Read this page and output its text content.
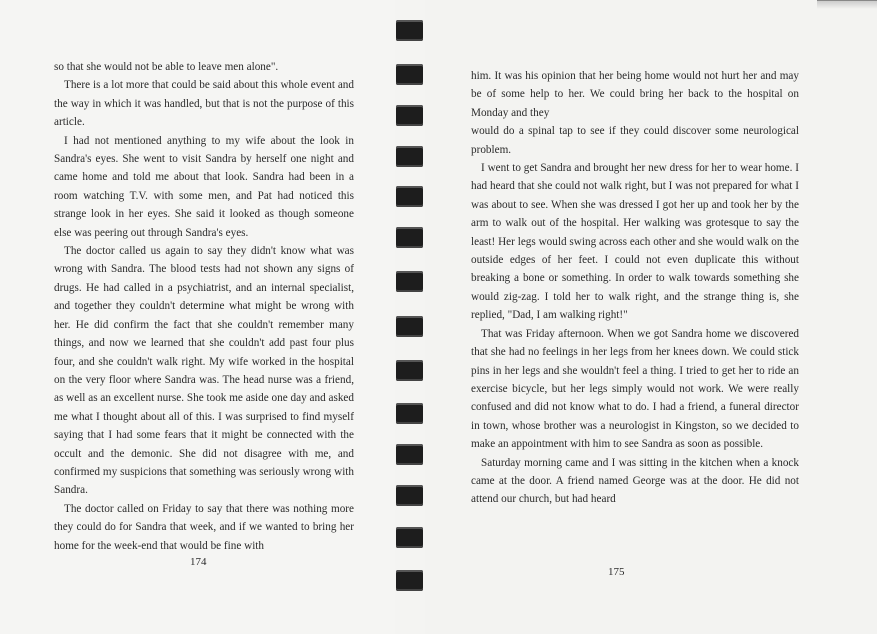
so that she would not be able to leave men alone".

There is a lot more that could be said about this whole event and the way in which it was handled, but that is not the purpose of this article.

I had not mentioned anything to my wife about the look in Sandra's eyes. She went to visit Sandra by herself one night and came home and told me about that look. Sandra had been in a room watching T.V. with some men, and Pat had noticed this strange look in her eyes. She said it looked as though someone else was peering out through Sandra's eyes.

The doctor called us again to say they didn't know what was wrong with Sandra. The blood tests had not shown any signs of drugs. He had called in a psychiatrist, and an internal specialist, and together they couldn't determine what might be wrong with her. He did confirm the fact that she couldn't remember many things, and now we learned that she couldn't add past four plus four, and she couldn't walk right. My wife worked in the hospital on the very floor where Sandra was. The head nurse was a friend, as well as an excellent nurse. She took me aside one day and asked me what I thought about all of this. I was surprised to find myself saying that I had some fears that it might be connected with the occult and the demonic. She did not disagree with me, and confirmed my suspicions that something was seriously wrong with Sandra.

The doctor called on Friday to say that there was nothing more they could do for Sandra that week, and if we wanted to bring her home for the week-end that would be fine with

174

him. It was his opinion that her being home would not hurt her and may be of some help to her. We could bring her back to the hospital on Monday and they

would do a spinal tap to see if they could discover some neurological problem.

I went to get Sandra and brought her new dress for her to wear home. I had heard that she could not walk right, but I was not prepared for what I was about to see. When she was dressed I got her up and took her by the arm to walk out of the hospital. Her walking was grotesque to say the least! Her legs would swing across each other and she would walk on the outside edges of her feet. I could not even duplicate this without breaking a bone or something. In order to walk towards something she would zig-zag. I told her to walk right, and the strange thing is, she replied, "Dad, I am walking right!"

That was Friday afternoon. When we got Sandra home we discovered that she had no feelings in her legs from her knees down. We could stick pins in her legs and she wouldn't feel a thing. I tried to get her to ride an exercise bicycle, but her legs simply would not work. We were really confused and did not know what to do. I had a friend, a funeral director in town, whose brother was a neurologist in Kingston, so we decided to make an appointment with him to see Sandra as soon as possible.

Saturday morning came and I was sitting in the kitchen when a knock came at the door. A friend named George was at the door. He did not attend our church, but had heard

175
